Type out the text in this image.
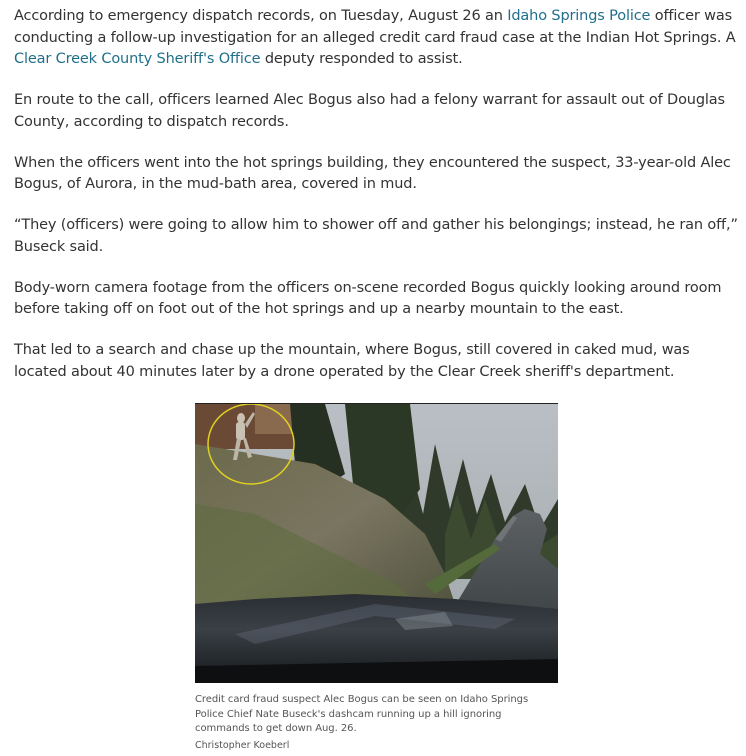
According to emergency dispatch records, on Tuesday, August 26 an Idaho Springs Police officer was conducting a follow-up investigation for an alleged credit card fraud case at the Indian Hot Springs. A Clear Creek County Sheriff's Office deputy responded to assist.

En route to the call, officers learned Alec Bogus also had a felony warrant for assault out of Douglas County, according to dispatch records.

When the officers went into the hot springs building, they encountered the suspect, 33-year-old Alec Bogus, of Aurora, in the mud-bath area, covered in mud.

“They (officers) were going to allow him to shower off and gather his belongings; instead, he ran off,” Buseck said.

Body-worn camera footage from the officers on-scene recorded Bogus quickly looking around room before taking off on foot out of the hot springs and up a nearby mountain to the east.

That led to a search and chase up the mountain, where Bogus, still covered in caked mud, was located about 40 minutes later by a drone operated by the Clear Creek sheriff's department.

Credit card fraud suspect Alec Bogus can be seen on Idaho Springs Police Chief Nate Buseck's dashcam running up a hill ignoring commands to get down Aug. 26.
Christopher Koeberl
